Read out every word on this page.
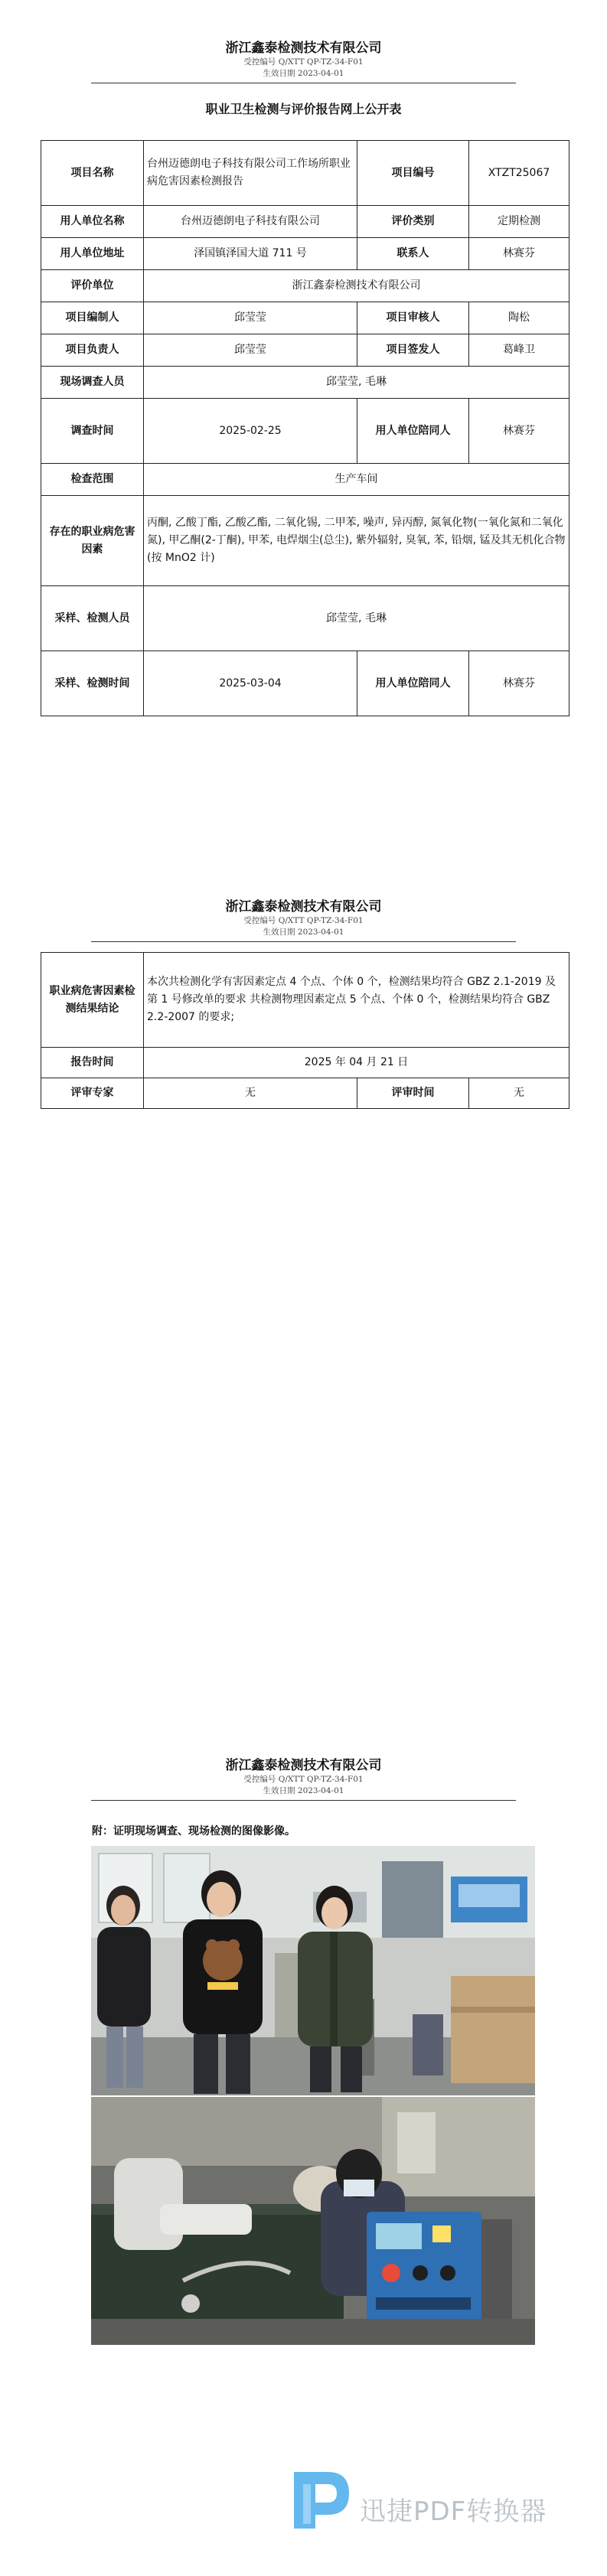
浙江鑫泰检测技术有限公司
受控编号 Q/XTT QP-TZ-34-F01
生效日期 2023-04-01
职业卫生检测与评价报告网上公开表
项目名称	台州迈德朗电子科技有限公司工作场所职业病危害因素检测报告	项目编号	XTZT25067
用人单位名称	台州迈德朗电子科技有限公司	评价类别	定期检测
用人单位地址	泽国镇泽国大道 711 号	联系人	林赛芬
评价单位	浙江鑫泰检测技术有限公司		
项目编制人	邱莹莹	项目审核人	陶松
项目负责人	邱莹莹	项目签发人	葛峰卫
现场调查人员	邱莹莹, 毛琳		
调查时间	2025-02-25	用人单位陪同人	林赛芬
检查范围	生产车间		
存在的职业病危害因素	丙酮, 乙酸丁酯, 乙酸乙酯, 二氧化锡, 二甲苯, 噪声, 异丙醇, 氮氧化物(一氧化氮和二氧化氮), 甲乙酮(2-丁酮), 甲苯, 电焊烟尘(总尘), 紫外辐射, 臭氧, 苯, 铅烟, 锰及其无机化合物(按 MnO2 计)		
采样、检测人员	邱莹莹, 毛琳		
采样、检测时间	2025-03-04	用人单位陪同人	林赛芬
浙江鑫泰检测技术有限公司
受控编号 Q/XTT QP-TZ-34-F01
生效日期 2023-04-01
职业病危害因素检测结果结论	本次共检测化学有害因素定点 4 个点、个体 0 个，检测结果均符合 GBZ 2.1-2019 及第 1 号修改单的要求 共检测物理因素定点 5 个点、个体 0 个，检测结果均符合 GBZ 2.2-2007 的要求;		
报告时间	2025 年 04 月 21 日		
评审专家	无	评审时间	无
浙江鑫泰检测技术有限公司
受控编号 Q/XTT QP-TZ-34-F01
生效日期 2023-04-01
附：证明现场调查、现场检测的图像影像。
迅捷PDF转换器
